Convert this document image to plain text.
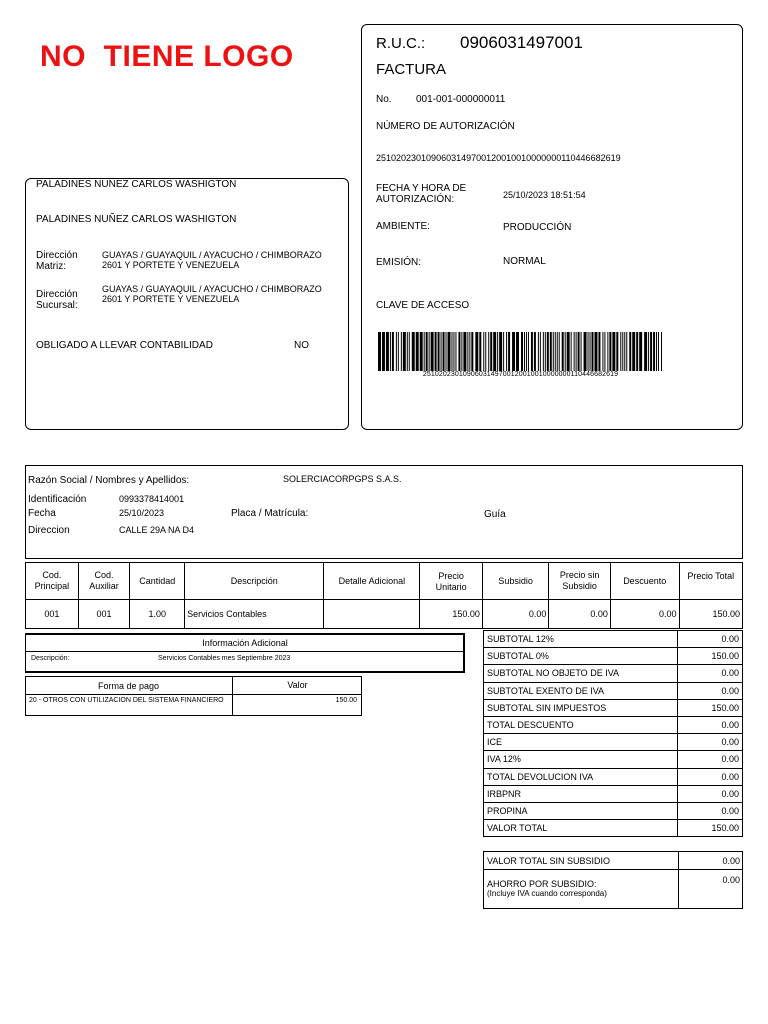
NO  TIENE LOGO	R.U.C.: 0906031497001
FACTURA
No. 001-001-000000011
NÚMERO DE AUTORIZACIÓN
2510202301090603149700120010010000000110446682619
FECHA Y HORA DE AUTORIZACIÓN:	25/10/2023 18:51:54
AMBIENTE:	PRODUCCIÓN
EMISIÓN:	NORMAL
CLAVE DE ACCESO
2510202301090603149700120010010000000110446682619
PALADINES NUÑEZ CARLOS WASHIGTON
PALADINES NUÑEZ CARLOS WASHIGTON
Dirección Matriz:
GUAYAS / GUAYAQUIL / AYACUCHO / CHIMBORAZO 2601 Y PORTETE Y VENEZUELA
Dirección Sucursal:
GUAYAS / GUAYAQUIL / AYACUCHO / CHIMBORAZO 2601 Y PORTETE Y VENEZUELA
OBLIGADO A LLEVAR CONTABILIDAD	NO
Razón Social / Nombres y Apellidos:	SOLERCIACORPGPS S.A.S.
Identificación	0993378414001
Fecha	25/10/2023	Placa / Matrícula:	Guía
Direccion	CALLE 29A NA D4
Cod. Principal	Cod. Auxiliar	Cantidad	Descripción	Detalle Adicional	Precio Unitario	Subsidio	Precio sin Subsidio	Descuento	Precio Total
001	001	1.00	Servicios Contables		150.00	0.00	0.00	0.00	150.00
Información Adicional
Descripción:	Servicios Contables mes Septiembre 2023
Forma de pago	Valor
20 - OTROS CON UTILIZACION DEL SISTEMA FINANCIERO	150.00
SUBTOTAL 12%	0.00
SUBTOTAL 0%	150.00
SUBTOTAL NO OBJETO DE IVA	0.00
SUBTOTAL EXENTO DE IVA	0.00
SUBTOTAL SIN IMPUESTOS	150.00
TOTAL DESCUENTO	0.00
ICE	0.00
IVA 12%	0.00
TOTAL DEVOLUCION IVA	0.00
IRBPNR	0.00
PROPINA	0.00
VALOR TOTAL	150.00
VALOR TOTAL SIN SUBSIDIO	0.00
AHORRO POR SUBSIDIO:
(Incluye IVA cuando corresponda)
0.00
